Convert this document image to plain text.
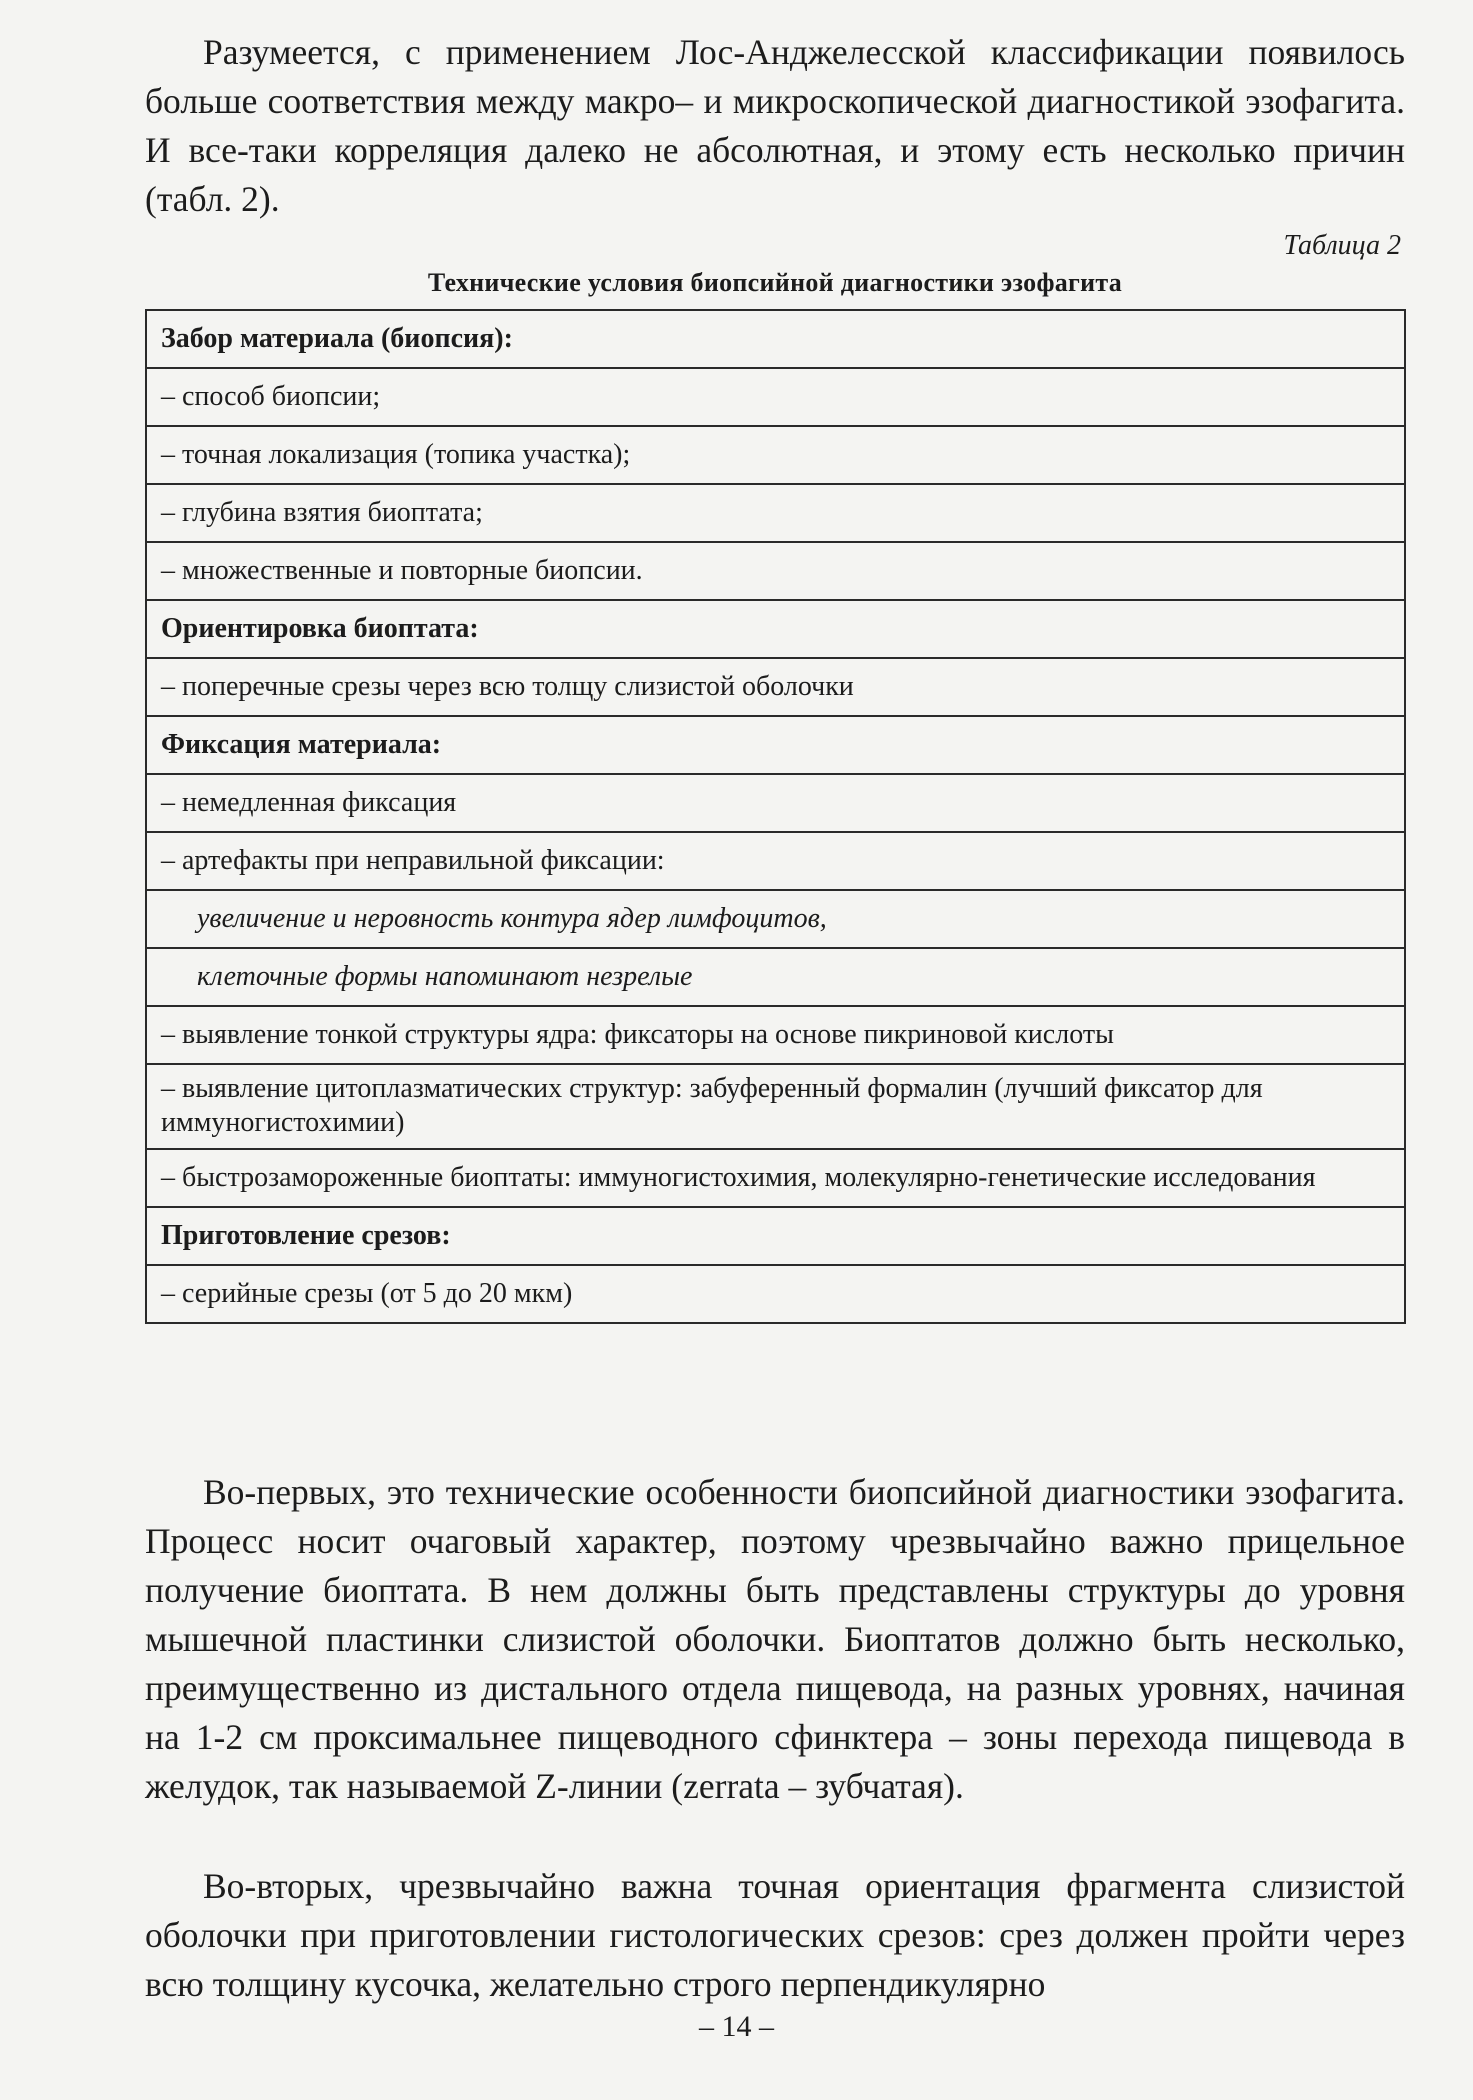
Разумеется, с применением Лос-Анджелесской классификации появилось больше соответствия между макро– и микроскопической диагностикой эзофагита. И все-таки корреляция далеко не абсолютная, и этому есть несколько причин (табл. 2).

Таблица 2
Технические условия биопсийной диагностики эзофагита
Забор материала (биопсия):
– способ биопсии;
– точная локализация (топика участка);
– глубина взятия биоптата;
– множественные и повторные биопсии.
Ориентировка биоптата:
– поперечные срезы через всю толщу слизистой оболочки
Фиксация материала:
– немедленная фиксация
– артефакты при неправильной фиксации:
увеличение и неровность контура ядер лимфоцитов,
клеточные формы напоминают незрелые
– выявление тонкой структуры ядра: фиксаторы на основе пикриновой кислоты
– выявление цитоплазматических структур: забуференный формалин (лучший фиксатор для иммуногистохимии)
– быстрозамороженные биоптаты: иммуногистохимия, молекулярно-генетические исследования
Приготовление срезов:
– серийные срезы (от 5 до 20 мкм)

Во-первых, это технические особенности биопсийной диагностики эзофагита. Процесс носит очаговый характер, поэтому чрезвычайно важно прицельное получение биоптата. В нем должны быть представлены структуры до уровня мышечной пластинки слизистой оболочки. Биоптатов должно быть несколько, преимущественно из дистального отдела пищевода, на разных уровнях, начиная на 1-2 см проксимальнее пищеводного сфинктера – зоны перехода пищевода в желудок, так называемой Z-линии (zerrata – зубчатая).

Во-вторых, чрезвычайно важна точная ориентация фрагмента слизистой оболочки при приготовлении гистологических срезов: срез должен пройти через всю толщину кусочка, желательно строго перпендикулярно

– 14 –
